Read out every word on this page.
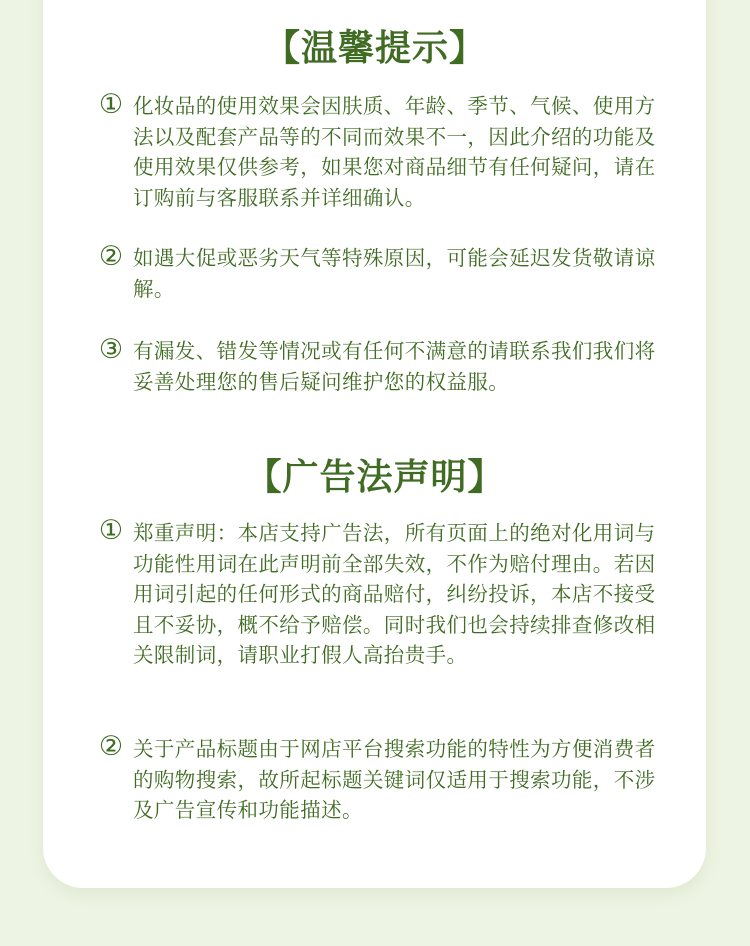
【温馨提示】
① 化妆品的使用效果会因肤质、年龄、季节、气候、使用方法以及配套产品等的不同而效果不一，因此介绍的功能及使用效果仅供参考，如果您对商品细节有任何疑问，请在订购前与客服联系并详细确认。

② 如遇大促或恶劣天气等特殊原因，可能会延迟发货敬请谅解。

③ 有漏发、错发等情况或有任何不满意的请联系我们我们将妥善处理您的售后疑问维护您的权益服。

【广告法声明】
① 郑重声明：本店支持广告法，所有页面上的绝对化用词与功能性用词在此声明前全部失效，不作为赔付理由。若因用词引起的任何形式的商品赔付，纠纷投诉，本店不接受且不妥协，概不给予赔偿。同时我们也会持续排查修改相关限制词，请职业打假人高抬贵手。

② 关于产品标题由于网店平台搜索功能的特性为方便消费者的购物搜索，故所起标题关键词仅适用于搜索功能，不涉及广告宣传和功能描述。
